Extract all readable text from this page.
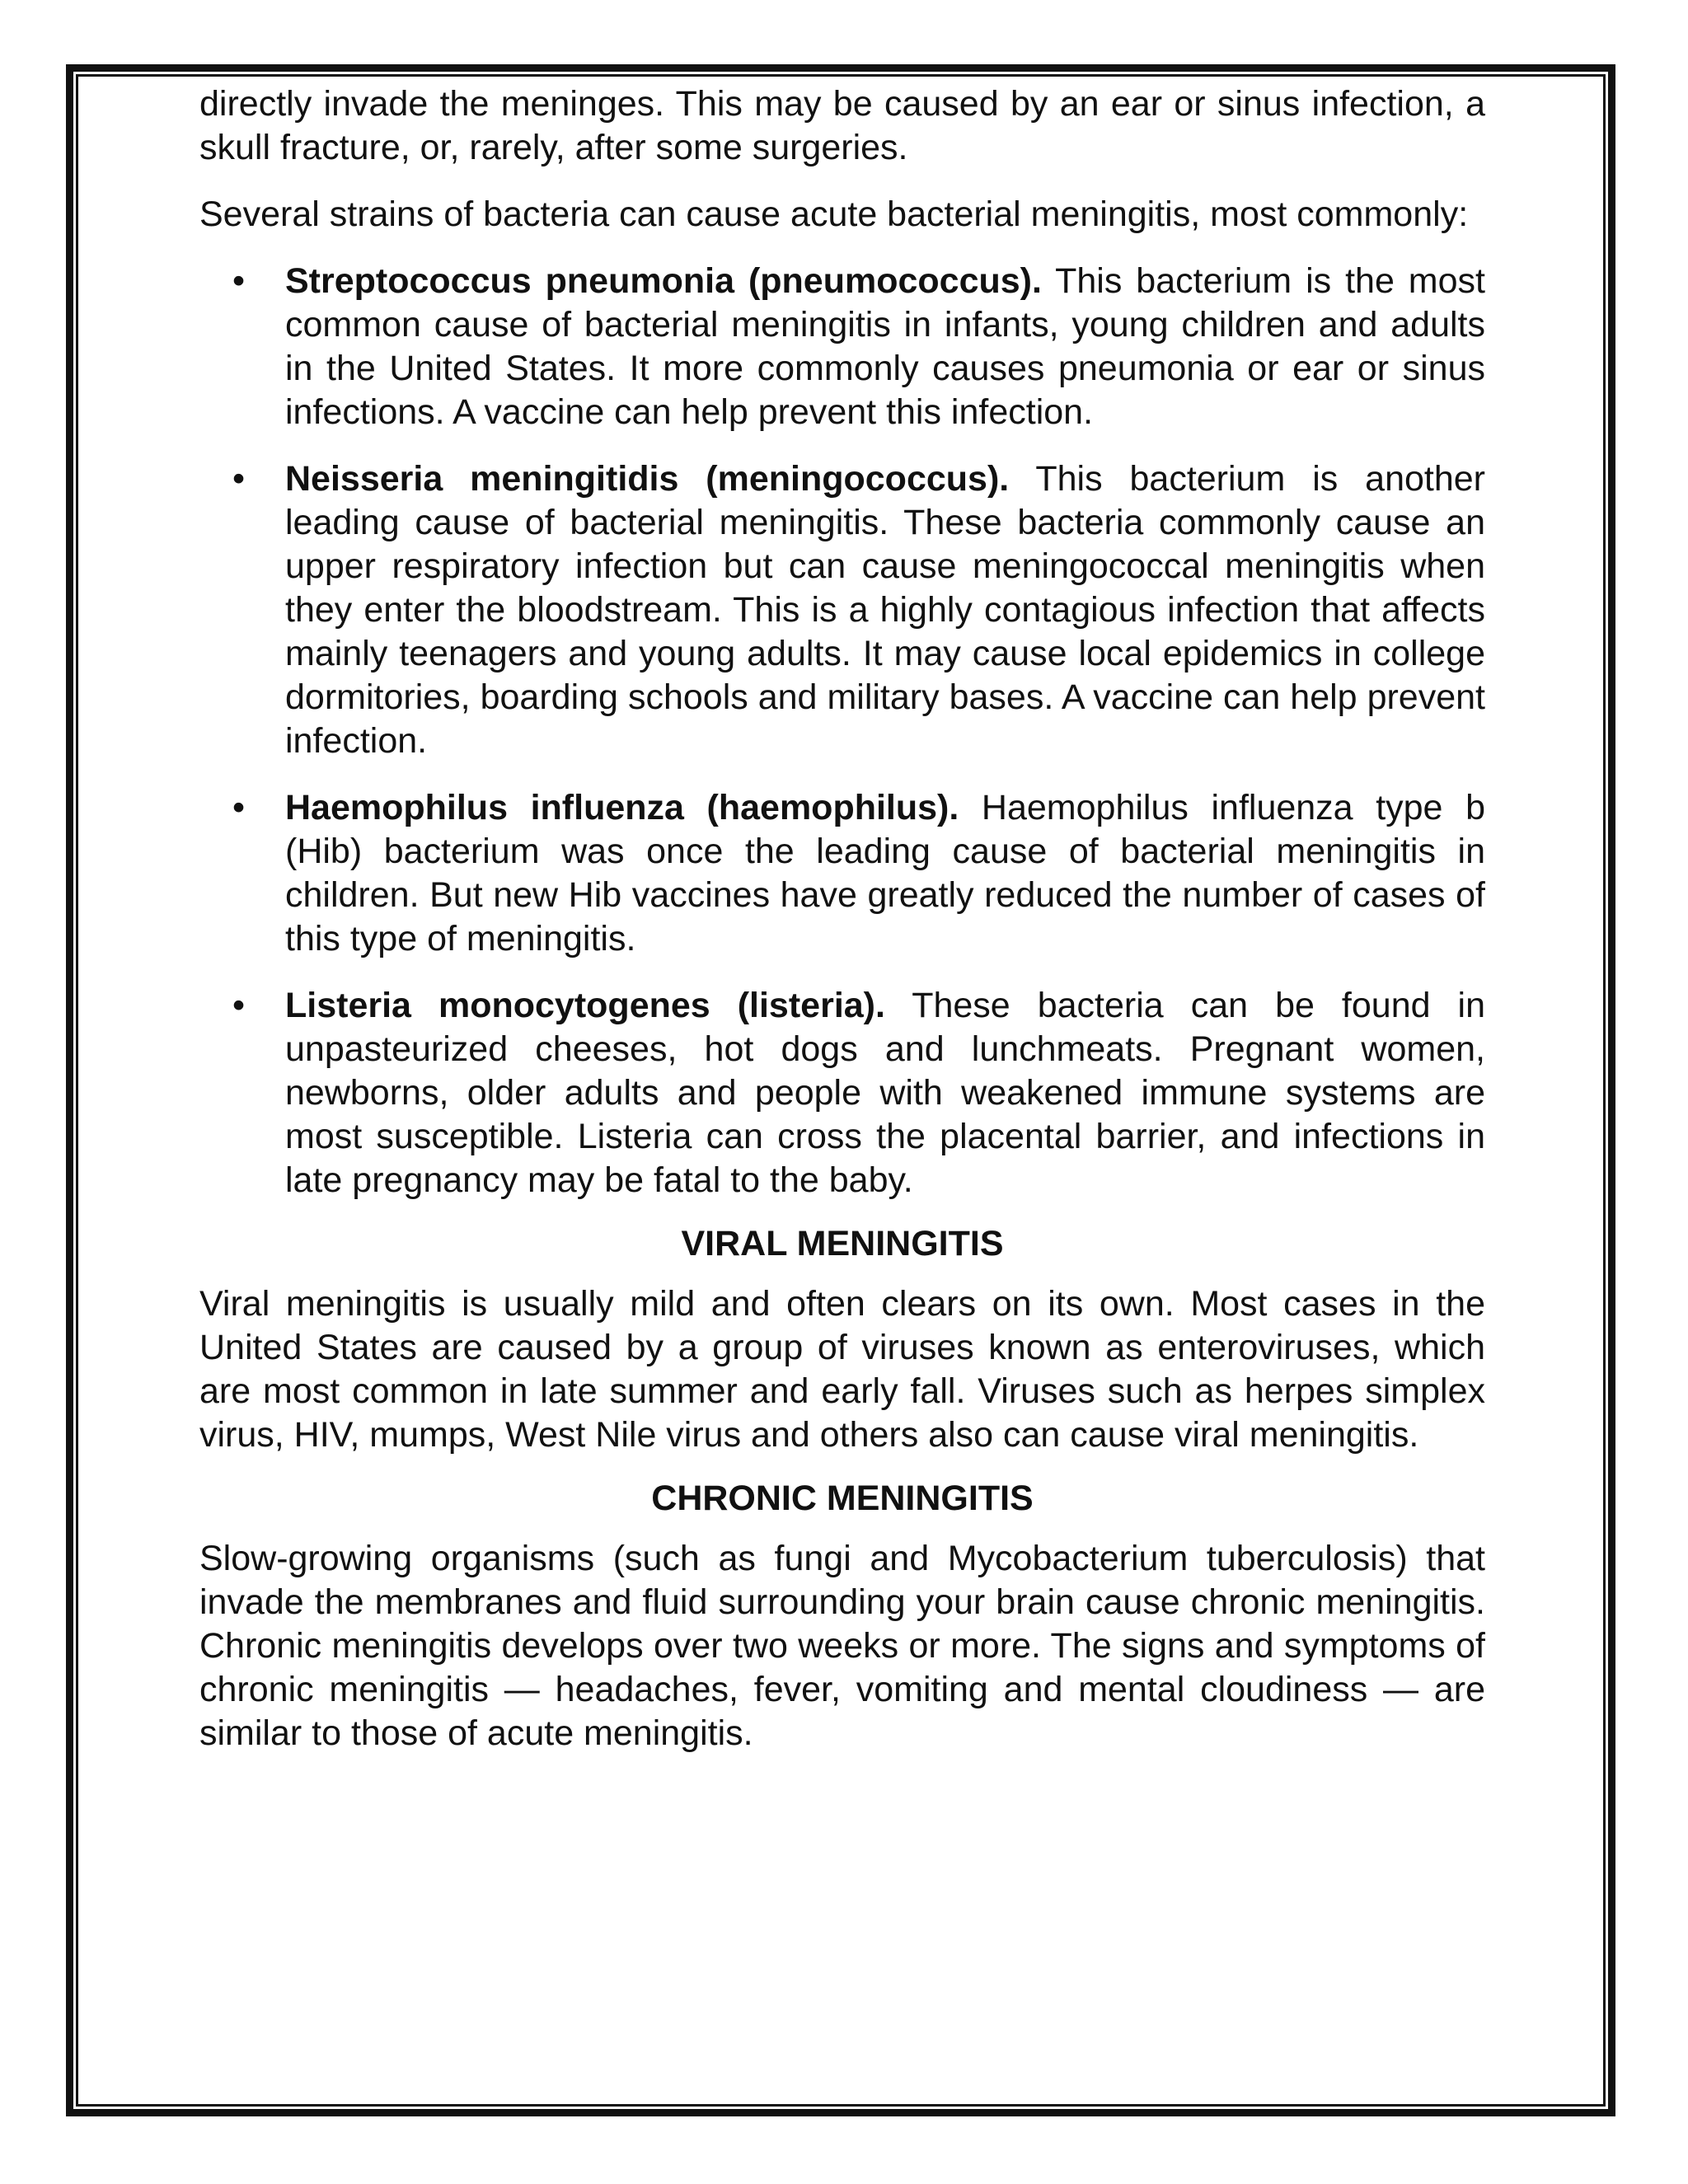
directly invade the meninges. This may be caused by an ear or sinus infection, a skull fracture, or, rarely, after some surgeries.

Several strains of bacteria can cause acute bacterial meningitis, most commonly:

• Streptococcus pneumonia (pneumococcus). This bacterium is the most common cause of bacterial meningitis in infants, young children and adults in the United States. It more commonly causes pneumonia or ear or sinus infections. A vaccine can help prevent this infection.
• Neisseria meningitidis (meningococcus). This bacterium is another leading cause of bacterial meningitis. These bacteria commonly cause an upper respiratory infection but can cause meningococcal meningitis when they enter the bloodstream. This is a highly contagious infection that affects mainly teenagers and young adults. It may cause local epidemics in college dormitories, boarding schools and military bases. A vaccine can help prevent infection.
• Haemophilus influenza (haemophilus). Haemophilus influenza type b (Hib) bacterium was once the leading cause of bacterial meningitis in children. But new Hib vaccines have greatly reduced the number of cases of this type of meningitis.
• Listeria monocytogenes (listeria). These bacteria can be found in unpasteurized cheeses, hot dogs and lunchmeats. Pregnant women, newborns, older adults and people with weakened immune systems are most susceptible. Listeria can cross the placental barrier, and infections in late pregnancy may be fatal to the baby.
VIRAL MENINGITIS

Viral meningitis is usually mild and often clears on its own. Most cases in the United States are caused by a group of viruses known as enteroviruses, which are most common in late summer and early fall. Viruses such as herpes simplex virus, HIV, mumps, West Nile virus and others also can cause viral meningitis.

CHRONIC MENINGITIS

Slow-growing organisms (such as fungi and Mycobacterium tuberculosis) that invade the membranes and fluid surrounding your brain cause chronic meningitis. Chronic meningitis develops over two weeks or more. The signs and symptoms of chronic meningitis — headaches, fever, vomiting and mental cloudiness — are similar to those of acute meningitis.
